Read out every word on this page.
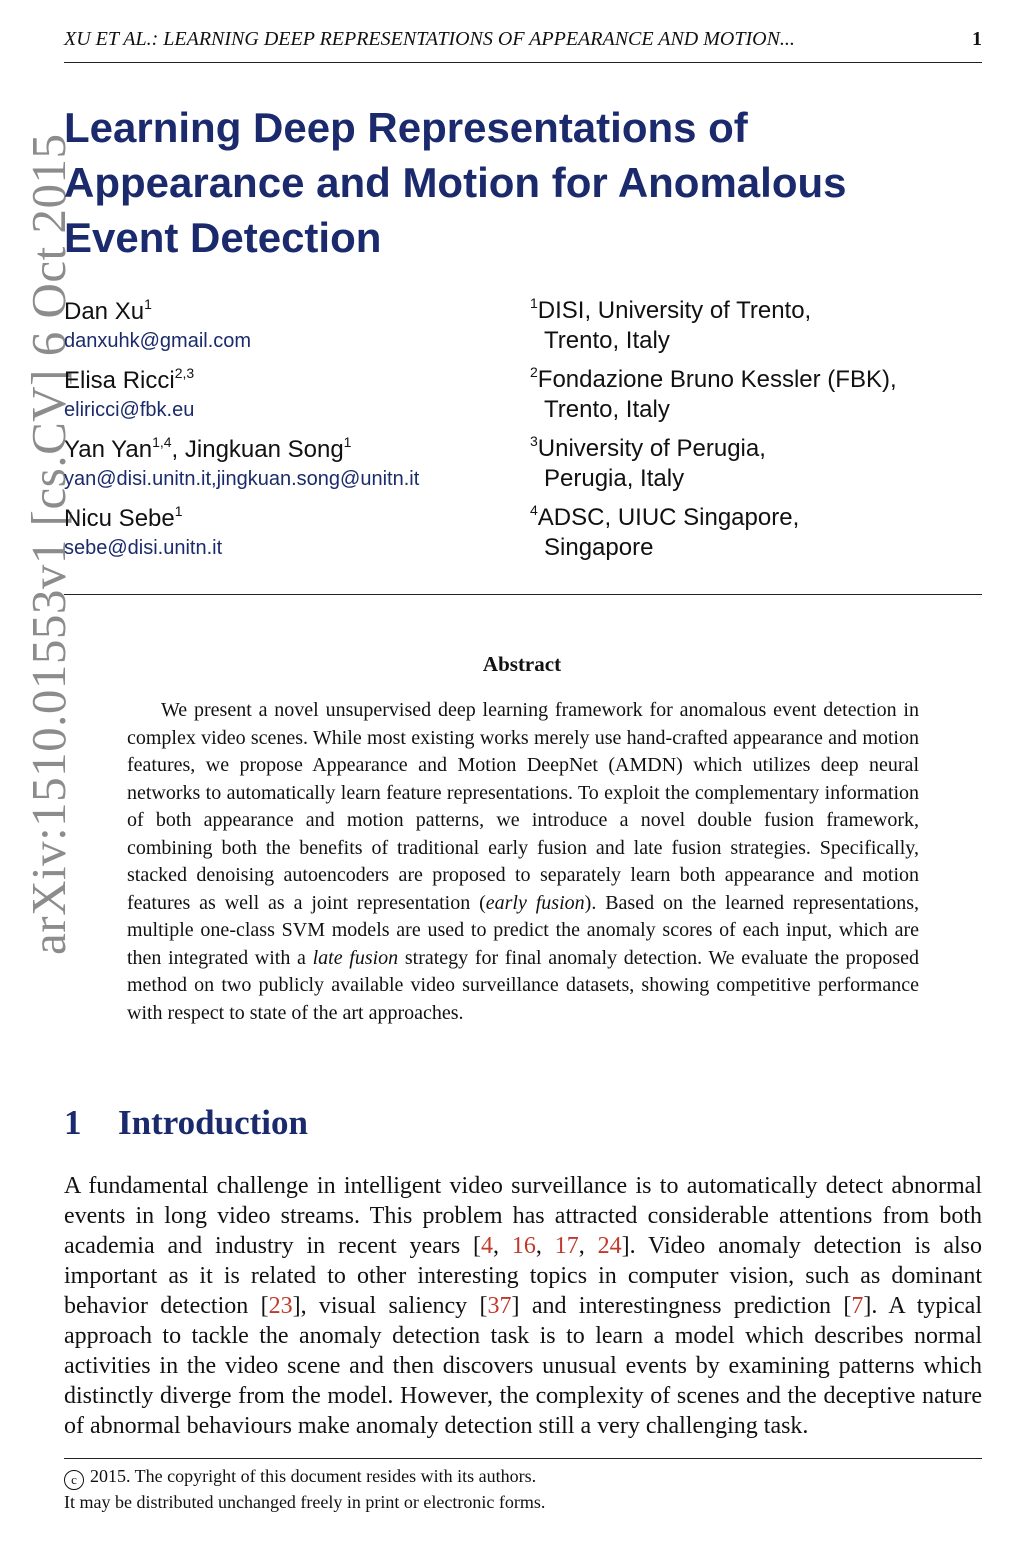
XU ET AL.: LEARNING DEEP REPRESENTATIONS OF APPEARANCE AND MOTION...	1
arXiv:1510.01553v1 [cs.CV] 6 Oct 2015
Learning Deep Representations of
Appearance and Motion for Anomalous
Event Detection
Dan Xu$^1$
danxuhk@gmail.com
Elisa Ricci$^{2,3}$
eliricci@fbk.eu
Yan Yan$^{1,4}$, Jingkuan Song$^1$
yan@disi.unitn.it,jingkuan.song@unitn.it
Nicu Sebe$^1$
sebe@disi.unitn.it
$^1$DISI, University of Trento,
Trento, Italy
$^2$Fondazione Bruno Kessler (FBK),
Trento, Italy
$^3$University of Perugia,
Perugia, Italy
$^4$ADSC, UIUC Singapore,
Singapore
Abstract

We present a novel unsupervised deep learning framework for anomalous event detection in complex video scenes. While most existing works merely use hand-crafted appearance and motion features, we propose Appearance and Motion DeepNet (AMDN) which utilizes deep neural networks to automatically learn feature representations. To exploit the complementary information of both appearance and motion patterns, we introduce a novel double fusion framework, combining both the benefits of traditional early fusion and late fusion strategies. Specifically, stacked denoising autoencoders are proposed to separately learn both appearance and motion features as well as a joint representation (early fusion). Based on the learned representations, multiple one-class SVM models are used to predict the anomaly scores of each input, which are then integrated with a late fusion strategy for final anomaly detection. We evaluate the proposed method on two publicly available video surveillance datasets, showing competitive performance with respect to state of the art approaches.

1 Introduction

A fundamental challenge in intelligent video surveillance is to automatically detect abnormal events in long video streams. This problem has attracted considerable attentions from both academia and industry in recent years [4, 16, 17, 24]. Video anomaly detection is also important as it is related to other interesting topics in computer vision, such as dominant behavior detection [23], visual saliency [37] and interestingness prediction [7]. A typical approach to tackle the anomaly detection task is to learn a model which describes normal activities in the video scene and then discovers unusual events by examining patterns which distinctly diverge from the model. However, the complexity of scenes and the deceptive nature of abnormal behaviours make anomaly detection still a very challenging task.

c 2015. The copyright of this document resides with its authors.
It may be distributed unchanged freely in print or electronic forms.
